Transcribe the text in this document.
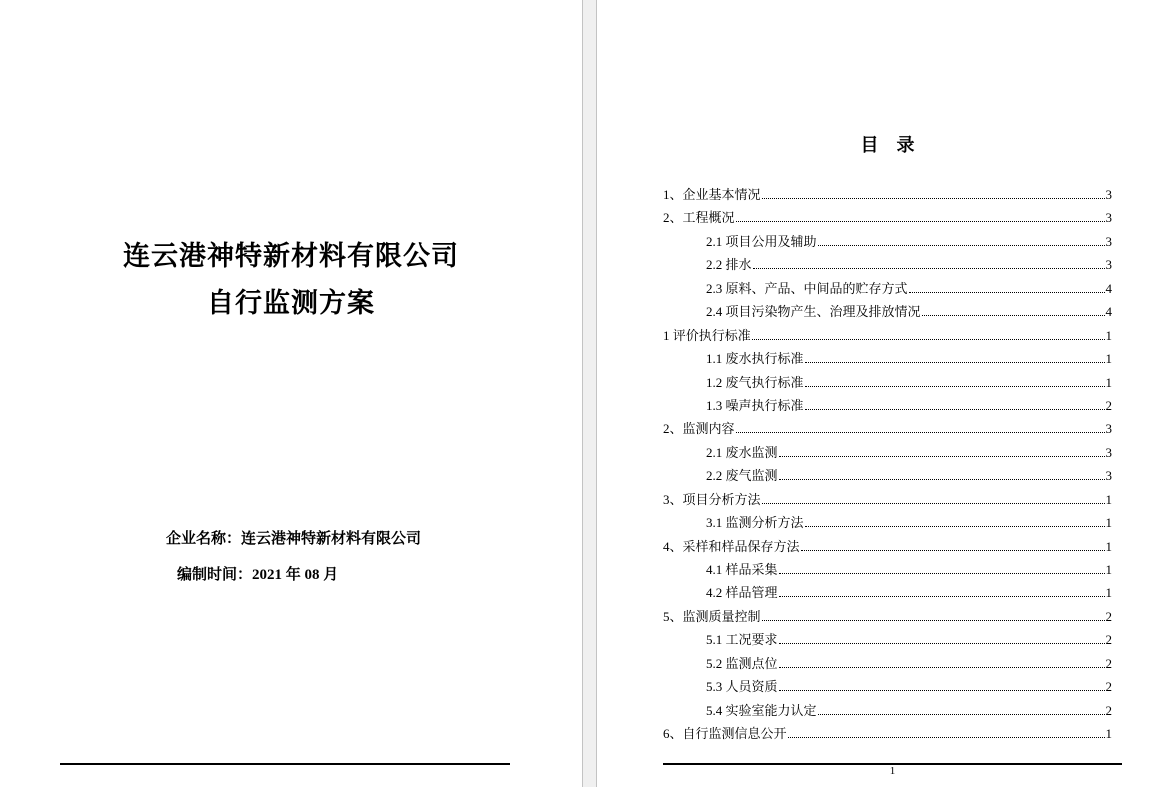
连云港神特新材料有限公司
自行监测方案
企业名称：连云港神特新材料有限公司
编制时间：2021 年 08 月
目　录
1、企业基本情况	3
2、工程概况	3
2.1 项目公用及辅助	3
2.2 排水	3
2.3 原料、产品、中间品的贮存方式	4
2.4 项目污染物产生、治理及排放情况	4
1 评价执行标准	1
1.1 废水执行标准	1
1.2 废气执行标准	1
1.3 噪声执行标准	2
2、监测内容	3
2.1 废水监测	3
2.2 废气监测	3
3、项目分析方法	1
3.1 监测分析方法	1
4、采样和样品保存方法	1
4.1 样品采集	1
4.2 样品管理	1
5、监测质量控制	2
5.1 工况要求	2
5.2 监测点位	2
5.3 人员资质	2
5.4 实验室能力认定	2
6、自行监测信息公开	1
1
